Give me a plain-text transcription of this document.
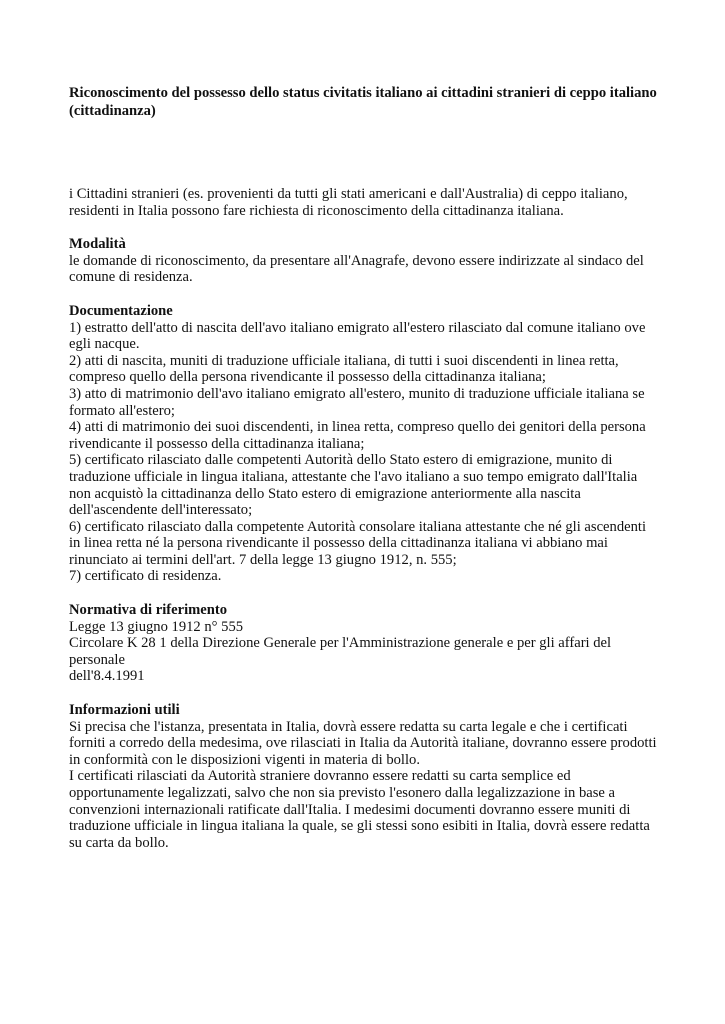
Riconoscimento del possesso dello status civitatis italiano ai cittadini stranieri di ceppo italiano (cittadinanza)

i Cittadini stranieri (es. provenienti da tutti gli stati americani e dall'Australia) di ceppo italiano, residenti in Italia possono fare richiesta di riconoscimento della cittadinanza italiana.

Modalità
le domande di riconoscimento, da presentare all'Anagrafe, devono essere indirizzate al sindaco del comune di residenza.
Documentazione
1) estratto dell'atto di nascita dell'avo italiano emigrato all'estero rilasciato dal comune italiano ove egli nacque.
2) atti di nascita, muniti di traduzione ufficiale italiana, di tutti i suoi discendenti in linea retta, compreso quello della persona rivendicante il possesso della cittadinanza italiana;
3) atto di matrimonio dell'avo italiano emigrato all'estero, munito di traduzione ufficiale italiana se formato all'estero;
4) atti di matrimonio dei suoi discendenti, in linea retta, compreso quello dei genitori della persona rivendicante il possesso della cittadinanza italiana;
5) certificato rilasciato dalle competenti Autorità dello Stato estero di emigrazione, munito di traduzione ufficiale in lingua italiana, attestante che l'avo italiano a suo tempo emigrato dall'Italia non acquistò la cittadinanza dello Stato estero di emigrazione anteriormente alla nascita dell'ascendente dell'interessato;
6) certificato rilasciato dalla competente Autorità consolare italiana attestante che né gli ascendenti in linea retta né la persona rivendicante il possesso della cittadinanza italiana vi abbiano mai rinunciato ai termini dell'art. 7 della legge 13 giugno 1912, n. 555;
7) certificato di residenza.
Normativa di riferimento
Legge 13 giugno 1912 n° 555
Circolare K 28 1 della Direzione Generale per l'Amministrazione generale e per gli affari del personale
dell'8.4.1991
Informazioni utili
Si precisa che l'istanza, presentata in Italia, dovrà essere redatta su carta legale e che i certificati forniti a corredo della medesima, ove rilasciati in Italia da Autorità italiane, dovranno essere prodotti in conformità con le disposizioni vigenti in materia di bollo.
I certificati rilasciati da Autorità straniere dovranno essere redatti su carta semplice ed opportunamente legalizzati, salvo che non sia previsto l'esonero dalla legalizzazione in base a convenzioni internazionali ratificate dall'Italia. I medesimi documenti dovranno essere muniti di traduzione ufficiale in lingua italiana la quale, se gli stessi sono esibiti in Italia, dovrà essere redatta su carta da bollo.
